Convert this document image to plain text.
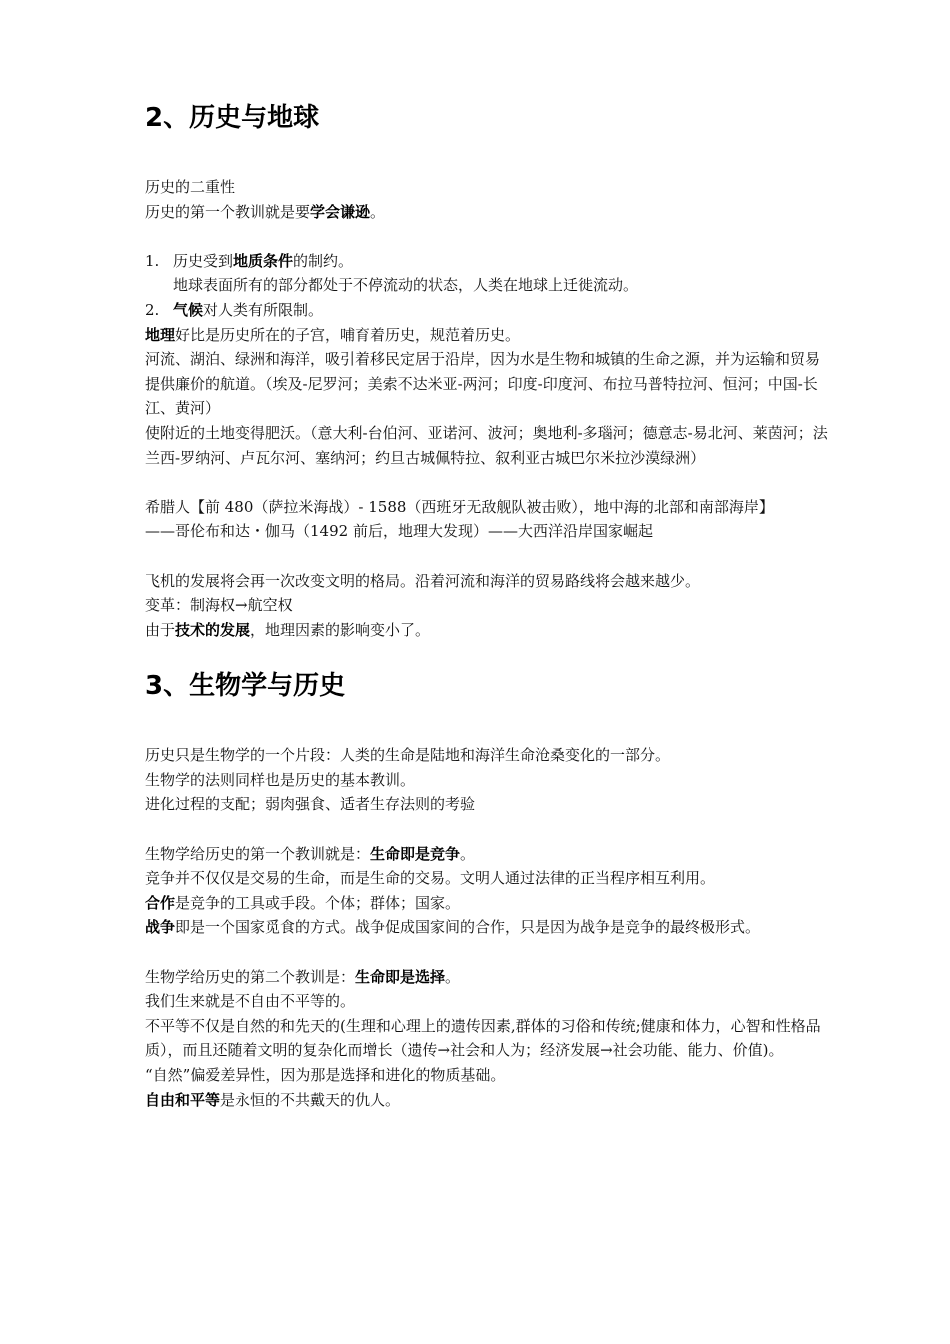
2、历史与地球

历史的二重性

历史的第一个教训就是要学会谦逊。

1. 历史受到地质条件的制约。

地球表面所有的部分都处于不停流动的状态，人类在地球上迁徙流动。

2. 气候对人类有所限制。

地理好比是历史所在的子宫，哺育着历史，规范着历史。

河流、湖泊、绿洲和海洋，吸引着移民定居于沿岸，因为水是生物和城镇的生命之源，并为运输和贸易提供廉价的航道。（埃及-尼罗河；美索不达米亚-两河；印度-印度河、布拉马普特拉河、恒河；中国-长江、黄河）

使附近的土地变得肥沃。（意大利-台伯河、亚诺河、波河；奥地利-多瑙河；德意志-易北河、莱茵河；法兰西-罗纳河、卢瓦尔河、塞纳河；约旦古城佩特拉、叙利亚古城巴尔米拉沙漠绿洲）

希腊人【前 480（萨拉米海战）- 1588（西班牙无敌舰队被击败），地中海的北部和南部海岸】

——哥伦布和达・伽马（1492 前后，地理大发现）——大西洋沿岸国家崛起

飞机的发展将会再一次改变文明的格局。沿着河流和海洋的贸易路线将会越来越少。

变革：制海权→航空权

由于技术的发展，地理因素的影响变小了。

3、生物学与历史

历史只是生物学的一个片段：人类的生命是陆地和海洋生命沧桑变化的一部分。

生物学的法则同样也是历史的基本教训。

进化过程的支配；弱肉强食、适者生存法则的考验

生物学给历史的第一个教训就是：生命即是竞争。

竞争并不仅仅是交易的生命，而是生命的交易。文明人通过法律的正当程序相互利用。

合作是竞争的工具或手段。个体；群体；国家。

战争即是一个国家觅食的方式。战争促成国家间的合作，只是因为战争是竞争的最终极形式。

生物学给历史的第二个教训是：生命即是选择。

我们生来就是不自由不平等的。

不平等不仅是自然的和先天的(生理和心理上的遗传因素,群体的习俗和传统;健康和体力，心智和性格品质），而且还随着文明的复杂化而增长（遗传→社会和人为；经济发展→社会功能、能力、价值)。

“自然”偏爱差异性，因为那是选择和进化的物质基础。

自由和平等是永恒的不共戴天的仇人。
